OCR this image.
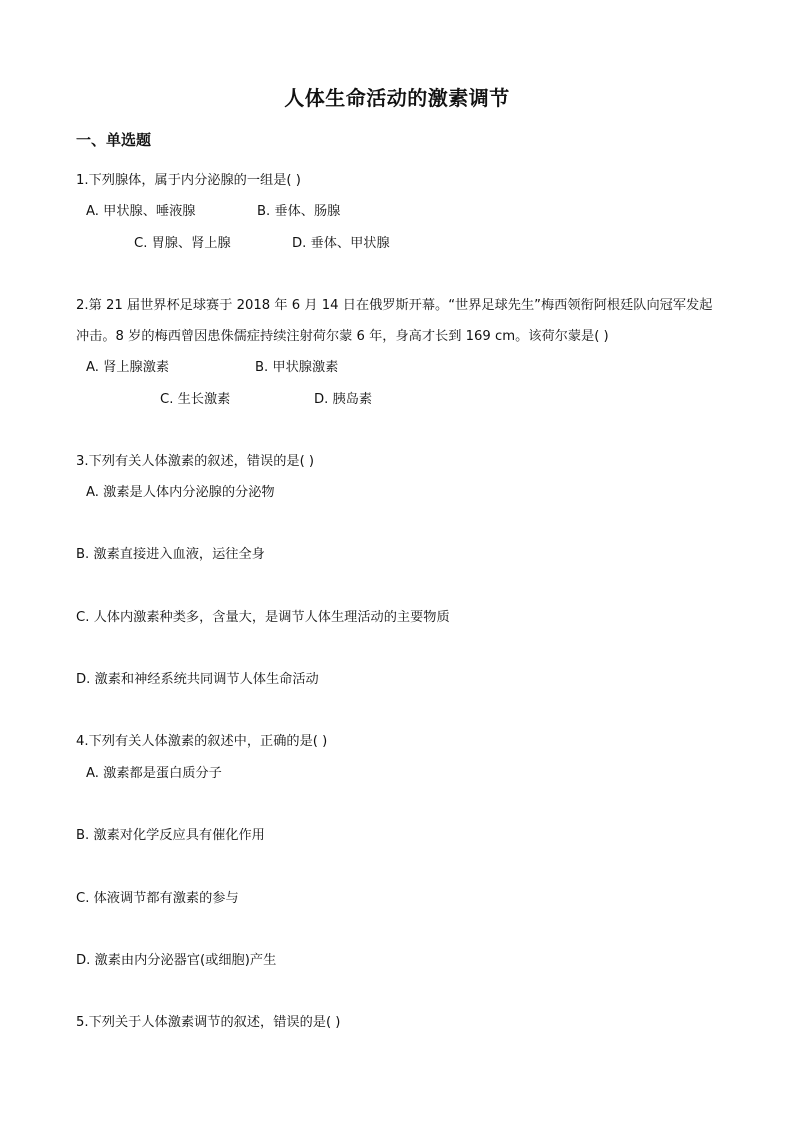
人体生命活动的激素调节
一、单选题
1.下列腺体，属于内分泌腺的一组是( )
A. 甲状腺、唾液腺	B. 垂体、肠腺
C. 胃腺、肾上腺	D. 垂体、甲状腺
2.第 21 届世界杯足球赛于 2018 年 6 月 14 日在俄罗斯开幕。“世界足球先生”梅西领衔阿根廷队向冠军发起
冲击。8 岁的梅西曾因患侏儒症持续注射荷尔蒙 6 年，身高才长到 169 cm。该荷尔蒙是( )
A. 肾上腺激素	B. 甲状腺激素
C. 生长激素	D. 胰岛素
3.下列有关人体激素的叙述，错误的是( )
A. 激素是人体内分泌腺的分泌物
B. 激素直接进入血液，运往全身
C. 人体内激素种类多，含量大，是调节人体生理活动的主要物质
D. 激素和神经系统共同调节人体生命活动
4.下列有关人体激素的叙述中，正确的是( )
A. 激素都是蛋白质分子
B. 激素对化学反应具有催化作用
C. 体液调节都有激素的参与
D. 激素由内分泌器官(或细胞)产生
5.下列关于人体激素调节的叙述，错误的是( )
